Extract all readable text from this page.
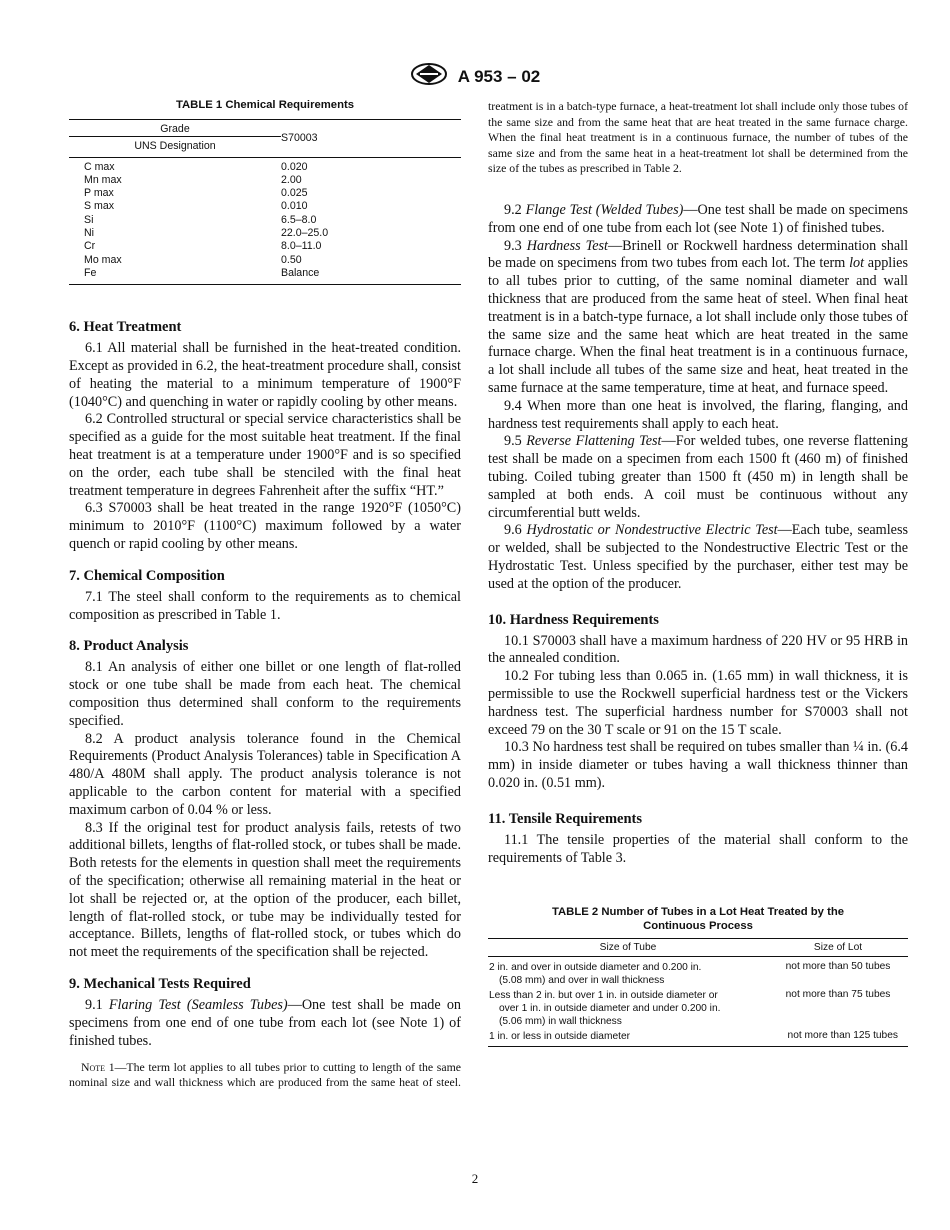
A 953 – 02
TABLE 1 Chemical Requirements
Grade	S70003
UNS Designation	

C max	0.020
Mn max	2.00
P max	0.025
S max	0.010
Si	6.5–8.0
Ni	22.0–25.0
Cr	8.0–11.0
Mo max	0.50
Fe	Balance
6. Heat Treatment

6.1 All material shall be furnished in the heat-treated condition. Except as provided in 6.2, the heat-treatment procedure shall, consist of heating the material to a minimum temperature of 1900°F (1040°C) and quenching in water or rapidly cooling by other means.

6.2 Controlled structural or special service characteristics shall be specified as a guide for the most suitable heat treatment. If the final heat treatment is at a temperature under 1900°F and is so specified on the order, each tube shall be stenciled with the final heat treatment temperature in degrees Fahrenheit after the suffix “HT.”

6.3 S70003 shall be heat treated in the range 1920°F (1050°C) minimum to 2010°F (1100°C) maximum followed by a water quench or rapid cooling by other means.

7. Chemical Composition

7.1 The steel shall conform to the requirements as to chemical composition as prescribed in Table 1.

8. Product Analysis

8.1 An analysis of either one billet or one length of flat-rolled stock or one tube shall be made from each heat. The chemical composition thus determined shall conform to the requirements specified.

8.2 A product analysis tolerance found in the Chemical Requirements (Product Analysis Tolerances) table in Specification A 480/A 480M shall apply. The product analysis tolerance is not applicable to the carbon content for material with a specified maximum carbon of 0.04 % or less.

8.3 If the original test for product analysis fails, retests of two additional billets, lengths of flat-rolled stock, or tubes shall be made. Both retests for the elements in question shall meet the requirements of the specification; otherwise all remaining material in the heat or lot shall be rejected or, at the option of the producer, each billet, length of flat-rolled stock, or tube may be individually tested for acceptance. Billets, lengths of flat-rolled stock, or tubes which do not meet the requirements of the specification shall be rejected.

9. Mechanical Tests Required

9.1 Flaring Test (Seamless Tubes)—One test shall be made on specimens from one end of one tube from each lot (see Note 1) of finished tubes.

Note 1—The term lot applies to all tubes prior to cutting to length of the same nominal size and wall thickness which are produced from the same heat of steel.

treatment is in a batch-type furnace, a heat-treatment lot shall include only those tubes of the same size and from the same heat that are heat treated in the same furnace charge. When the final heat treatment is in a continuous furnace, the number of tubes of the same size and from the same heat in a heat-treatment lot shall be determined from the size of the tubes as prescribed in Table 2.

9.2 Flange Test (Welded Tubes)—One test shall be made on specimens from one end of one tube from each lot (see Note 1) of finished tubes.

9.3 Hardness Test—Brinell or Rockwell hardness determination shall be made on specimens from two tubes from each lot. The term lot applies to all tubes prior to cutting, of the same nominal diameter and wall thickness that are produced from the same heat of steel. When final heat treatment is in a batch-type furnace, a lot shall include only those tubes of the same size and the same heat which are heat treated in the same furnace charge. When the final heat treatment is in a continuous furnace, a lot shall include all tubes of the same size and heat, heat treated in the same furnace at the same temperature, time at heat, and furnace speed.

9.4 When more than one heat is involved, the flaring, flanging, and hardness test requirements shall apply to each heat.

9.5 Reverse Flattening Test—For welded tubes, one reverse flattening test shall be made on a specimen from each 1500 ft (460 m) of finished tubing. Coiled tubing greater than 1500 ft (450 m) in length shall be sampled at both ends. A coil must be continuous without any circumferential butt welds.

9.6 Hydrostatic or Nondestructive Electric Test—Each tube, seamless or welded, shall be subjected to the Nondestructive Electric Test or the Hydrostatic Test. Unless specified by the purchaser, either test may be used at the option of the producer.

10. Hardness Requirements

10.1 S70003 shall have a maximum hardness of 220 HV or 95 HRB in the annealed condition.

10.2 For tubing less than 0.065 in. (1.65 mm) in wall thickness, it is permissible to use the Rockwell superficial hardness test or the Vickers hardness test. The superficial hardness number for S70003 shall not exceed 79 on the 30 T scale or 91 on the 15 T scale.

10.3 No hardness test shall be required on tubes smaller than ¼ in. (6.4 mm) in inside diameter or tubes having a wall thickness thinner than 0.020 in. (0.51 mm).

11. Tensile Requirements

11.1 The tensile properties of the material shall conform to the requirements of Table 3.

TABLE 2 Number of Tubes in a Lot Heat Treated by the
Continuous Process
Size of Tube	Size of Lot

2 in. and over in outside diameter and 0.200 in.
(5.08 mm) and over in wall thickness	not more than 50 tubes

Less than 2 in. but over 1 in. in outside diameter or
over 1 in. in outside diameter and under 0.200 in.
(5.06 mm) in wall thickness	not more than 75 tubes
1 in. or less in outside diameter	not more than 125 tubes
2
